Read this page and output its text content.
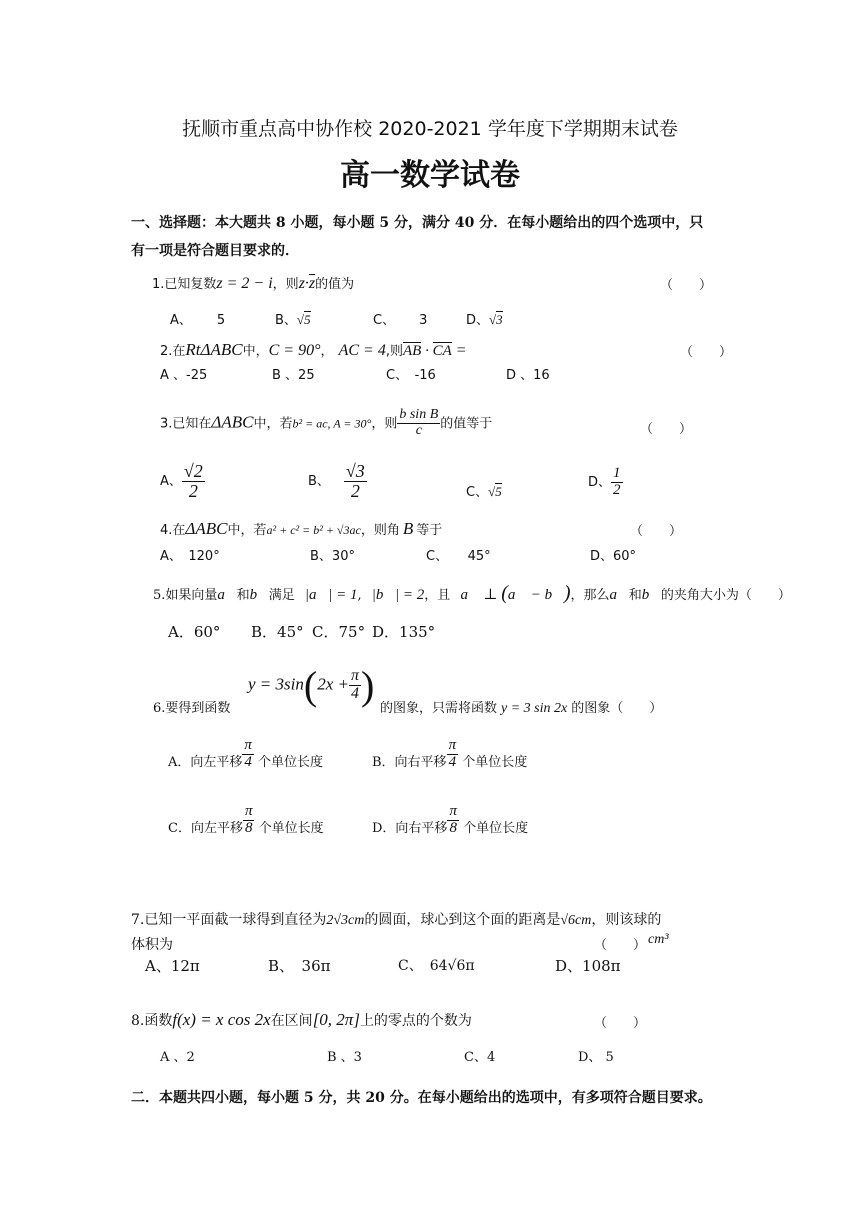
抚顺市重点高中协作校 2020-2021 学年度下学期期末试卷
高一数学试卷
一、选择题：本大题共 8 小题，每小题 5 分，满分 40 分．在每小题给出的四个选项中，只
有一项是符合题目要求的．
1.已知复数z = 2 − i，则$z\cdot\overline{z}$的值为	（　　）
A、 5	B、√5	C、 3	D、√3
2.在RtΔABC中，C = 90°， AC = 4,则AB · CA =	（　　）
A 、-25	B 、25	C、　-16	D 、16
3.已知在ΔABC中，若b² = ac, A = 30°，则 $\frac{\text{b sin B}}{c}$ 的值等于	（　　）
A、 $\frac{√2}{2}$	B、 $\frac{√3}{2}$	C、√5
D、 $\frac{1}{2}$
4.在ΔABC中，若a² + c² = b² + √3ac，则角 B 等于	（　　）
A、　120°	B、30°	C、　　45°	D、60°
5.如果向量a⃗和b⃗满足 |a⃗| = 1, |b⃗| = 2，且 a⃗ ⊥ (a⃗ − b⃗)，那么a⃗和b⃗的夹角大小为（　　）
A．60° B．45° C．75° D．135°
$y = 3\sin(2x + \frac{\pi}{4}$ )
6.要得到函数	的图象，只需将函数 y = 3 sin 2x 的图象（　　）
A．向左平移 $\frac{\pi}{4}$ 个单位长度	B．向右平移 $\frac{\pi}{4}$ 个单位长度
C．向左平移 $\frac{\pi}{8}$ 个单位长度	D．向右平移 $\frac{\pi}{8}$ 个单位长度
7.已知一平面截一球得到直径为2√3cm的圆面，球心到这个面的距离是√6cm，则该球的
体积为	（　　） cm³
A、12π	B、　36π	C、　64√6π	D、108π
8.函数f(x) = x cos 2x在区间[0, 2π]上的零点的个数为	（　　）
A 、2	B 、3	C、4	D、 5
二．本题共四小题，每小题 5 分，共 20 分。在每小题给出的选项中，有多项符合题目要求。
